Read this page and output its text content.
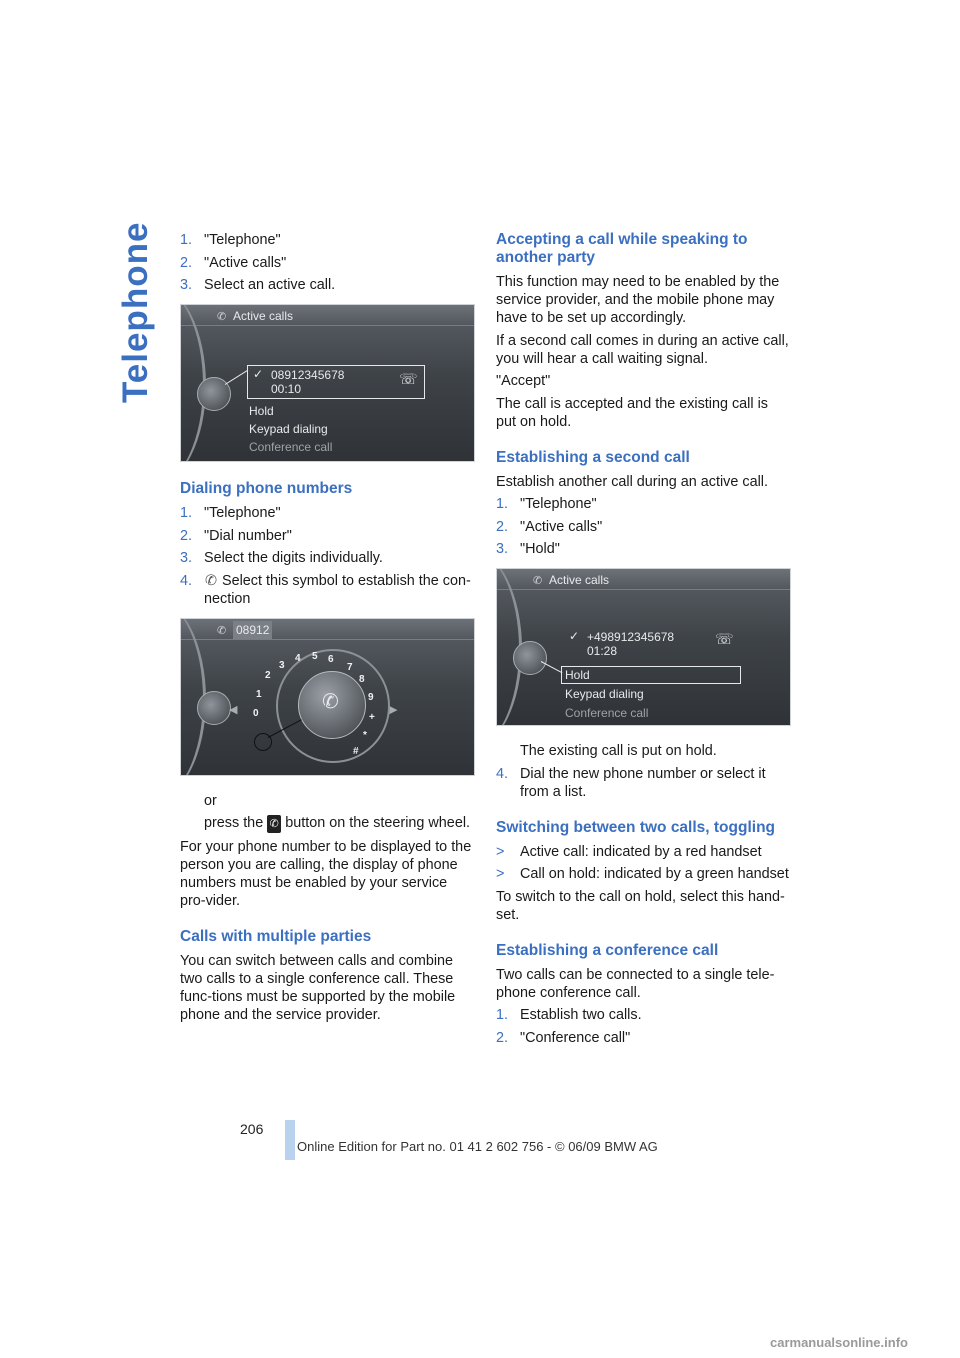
Telephone 1. "Telephone"
2. "Active calls"
3. Select an active call.
✆ Active calls
✓ 08912345678
00:10
☏
Hold
Keypad dialing
Conference call
Dialing phone numbers
1. "Telephone"
2. "Dial number"
3. Select the digits individually.
4. ✆ Select this symbol to establish the con-nection
✆ 08912
◀	▶
✆
2
3
4 5 6
7
8
9
1
0	+
*
#

or

press the ✆ button on the steering wheel.

For your phone number to be displayed to the person you are calling, the display of phone numbers must be enabled by your service pro-vider.

Calls with multiple parties

You can switch between calls and combine two calls to a single conference call. These func-tions must be supported by the mobile phone and the service provider.

Accepting a call while speaking to another party

This function may need to be enabled by the service provider, and the mobile phone may have to be set up accordingly.

If a second call comes in during an active call, you will hear a call waiting signal.

"Accept"

The call is accepted and the existing call is put on hold.

Establishing a second call

Establish another call during an active call.

1. "Telephone"
2. "Active calls"
3. "Hold"
✆ Active calls
✓ +498912345678
01:28
☏
Hold
Keypad dialing
Conference call

The existing call is put on hold.

4. Dial the new phone number or select it from a list.
Switching between two calls, toggling
> Active call: indicated by a red handset
> Call on hold: indicated by a green handset

To switch to the call on hold, select this hand-set.

Establishing a conference call

Two calls can be connected to a single tele-phone conference call.

1. Establish two calls.
2. "Conference call"
206
Online Edition for Part no. 01 41 2 602 756 - © 06/09 BMW AG
carmanualsonline.info
